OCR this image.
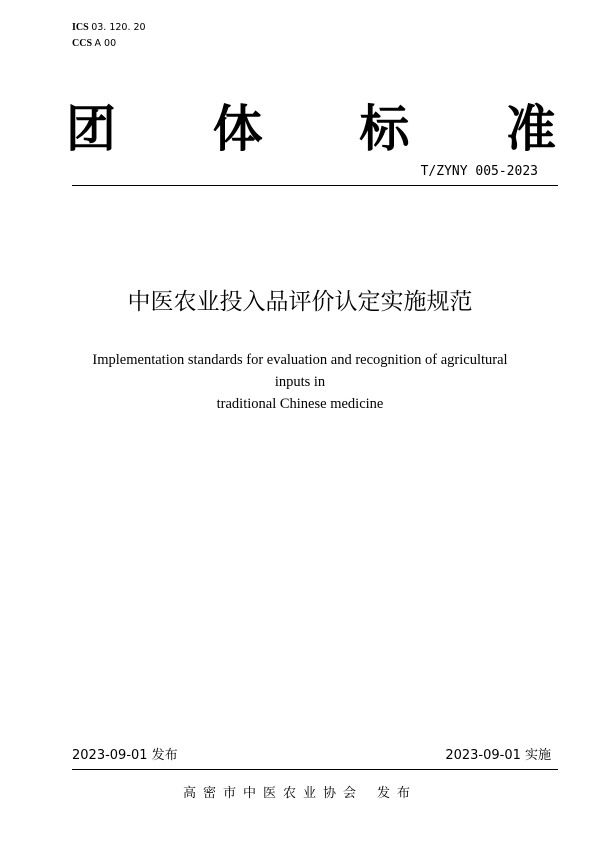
ICS 03. 120. 20
CCS A 00
团 体 标 准
T/ZYNY 005-2023
中医农业投入品评价认定实施规范
Implementation standards for evaluation and recognition of agricultural inputs in
traditional Chinese medicine
2023-09-01 发布	2023-09-01 实施
高密市中医农业协会 发布
